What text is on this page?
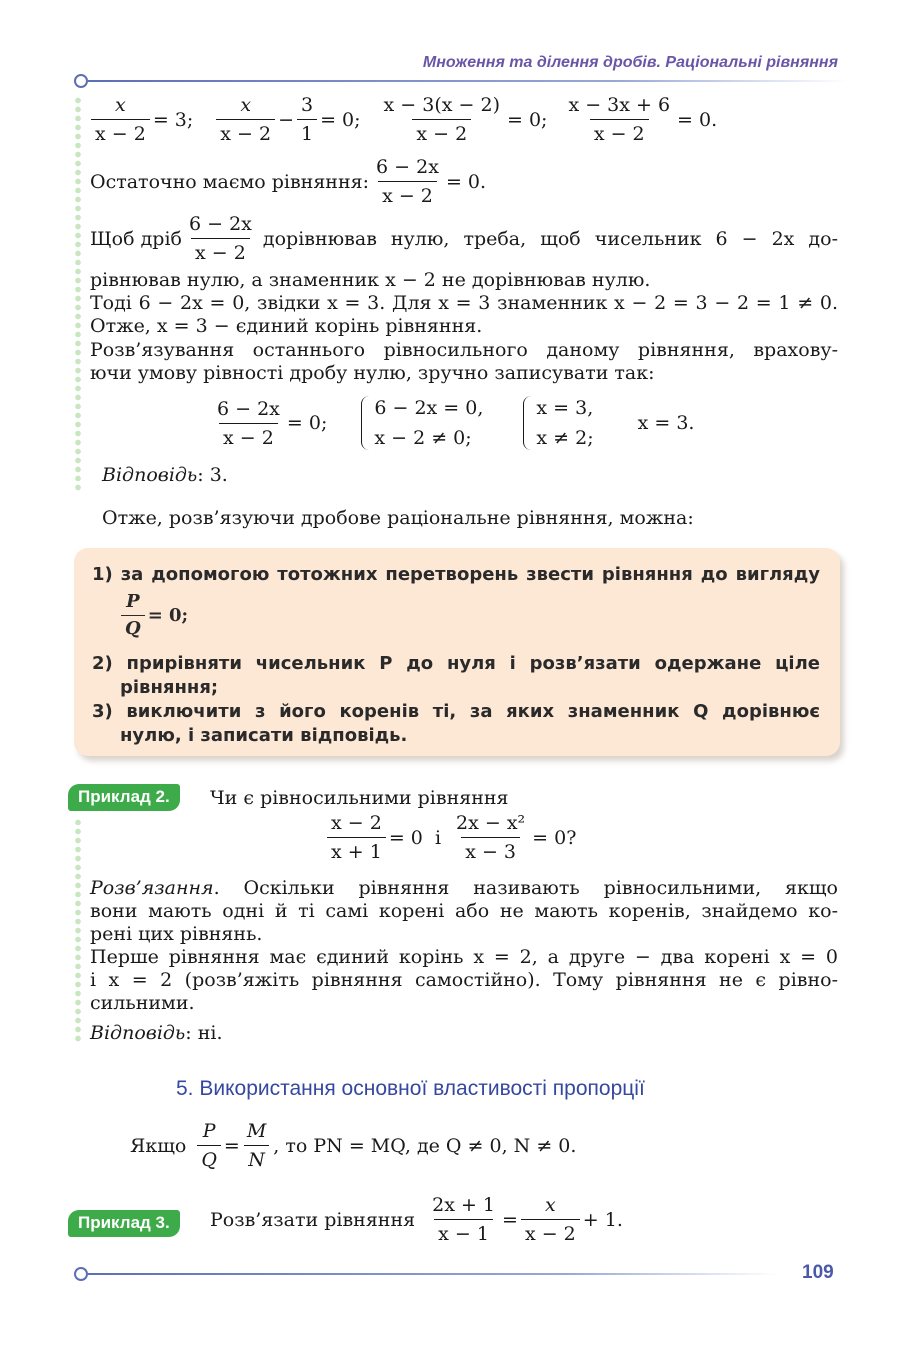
Множення та ділення дробів. Раціональні рівняння
$\frac{x}{x - 2} = 3$; $\frac{x}{x - 2} - \frac{3}{1} = 0$; $\frac{x - 3(x - 2)}{x - 2} = 0$; $\frac{x - 3x + 6}{x - 2} = 0$.
Остаточно маємо рівняння: $\frac{6 - 2x}{x - 2} = 0$.
Щоб дріб $\frac{6 - 2x}{x - 2}$ дорівнював нулю, треба, щоб чисельник 6 − 2x до-
рівнював нулю, а знаменник x − 2 не дорівнював нулю.
Тоді 6 − 2x = 0, звідки x = 3. Для x = 3 знаменник x − 2 = 3 − 2 = 1 ≠ 0.
Отже, x = 3 − єдиний корінь рівняння.
Розв’язування останнього рівносильного даному рівняння, врахову-
ючи умову рівності дробу нулю, зручно записувати так:
$\frac{6 - 2x}{x - 2} = 0$;
6 − 2x = 0,
x − 2 ≠ 0;
x = 3,
x ≠ 2;
x = 3.
Відповідь: 3.
Отже, розв’язуючи дробове раціональне рівняння, можна:
1) за допомогою тотожних перетворень звести рівняння до вигляду
$\frac{P}{Q} = 0$;
2) прирівняти чисельник P до нуля і розв’язати одержане ціле
рівняння;
3) виключити з його коренів ті, за яких знаменник Q дорівнює
нулю, і записати відповідь.
Приклад 2.	Чи є рівносильними рівняння
$\frac{x - 2}{x + 1} = 0$  і $\frac{\text{2x − x²}}{x - 3} = 0$?
Розв’язання. Оскільки рівняння називають рівносильними, якщо
вони мають одні й ті самі корені або не мають коренів, знайдемо ко-
рені цих рівнянь.
Перше рівняння має єдиний корінь x = 2, а друге − два корені x = 0
і x = 2 (розв’яжіть рівняння самостійно). Тому рівняння не є рівно-
сильними.
Відповідь: ні.
5. Використання основної властивості пропорції
Якщо $\frac{P}{Q} = \frac{M}{N}$ , то PN = MQ, де Q ≠ 0, N ≠ 0.
Приклад 3.	Розв’язати рівняння $\frac{2x + 1}{x - 1} = \frac{x}{x - 2} + 1$.
109
